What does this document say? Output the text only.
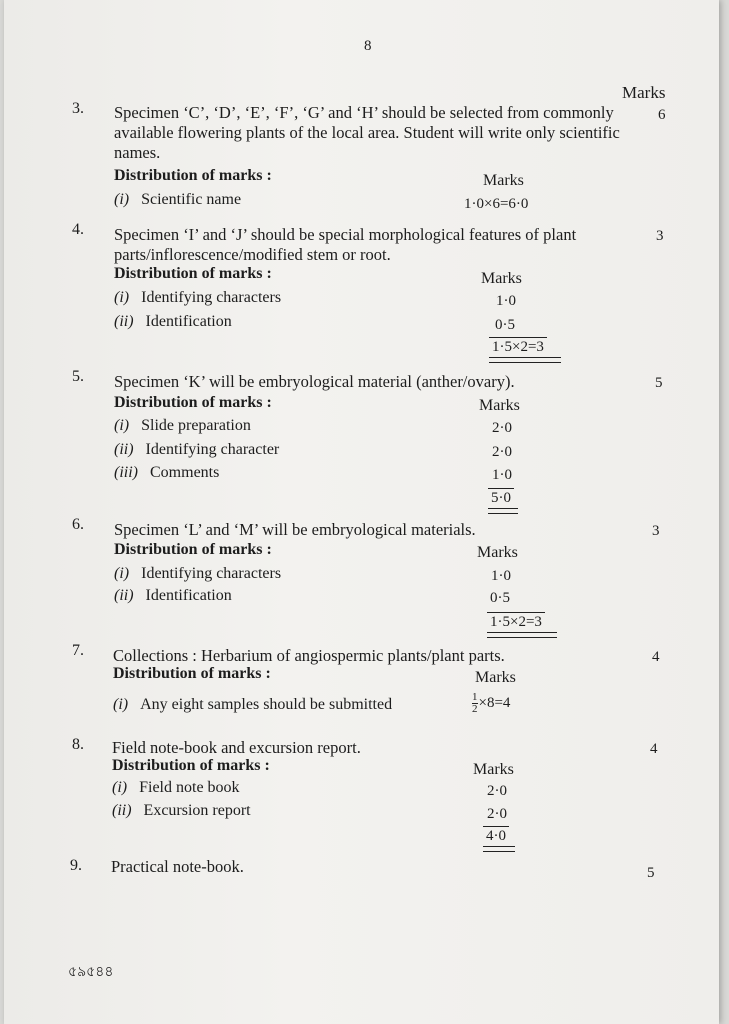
8
Marks
3. Specimen ‘C’, ‘D’, ‘E’, ‘F’, ‘G’ and ‘H’ should be selected from commonly available flowering plants of the local area. Student will write only scientific names.
6
Distribution of marks :	Marks
(i) Scientific name	1·0×6=6·0
4. Specimen ‘I’ and ‘J’ should be special morphological features of plant parts/inflorescence/modified stem or root.
3
Distribution of marks :	Marks
(i) Identifying characters	1·0
(ii) Identification	0·5
1·5×2=3
5. Specimen ‘K’ will be embryological material (anther/ovary).	5
Distribution of marks :	Marks
(i) Slide preparation	2·0
(ii) Identifying character	2·0
(iii) Comments	1·0
5·0
6. Specimen ‘L’ and ‘M’ will be embryological materials.	3
Distribution of marks :	Marks
(i) Identifying characters	1·0
(ii) Identification	0·5
1·5×2=3
7. Collections : Herbarium of angiospermic plants/plant parts.	4
Distribution of marks :	Marks
(i) Any eight samples should be submitted	$\frac{1}{2} \times 8=4$
8. Field note-book and excursion report.	4
Distribution of marks :	Marks
(i) Field note book	2·0
(ii) Excursion report	2·0
4·0
9. Practical note-book.	5
৫৯৫৪৪
